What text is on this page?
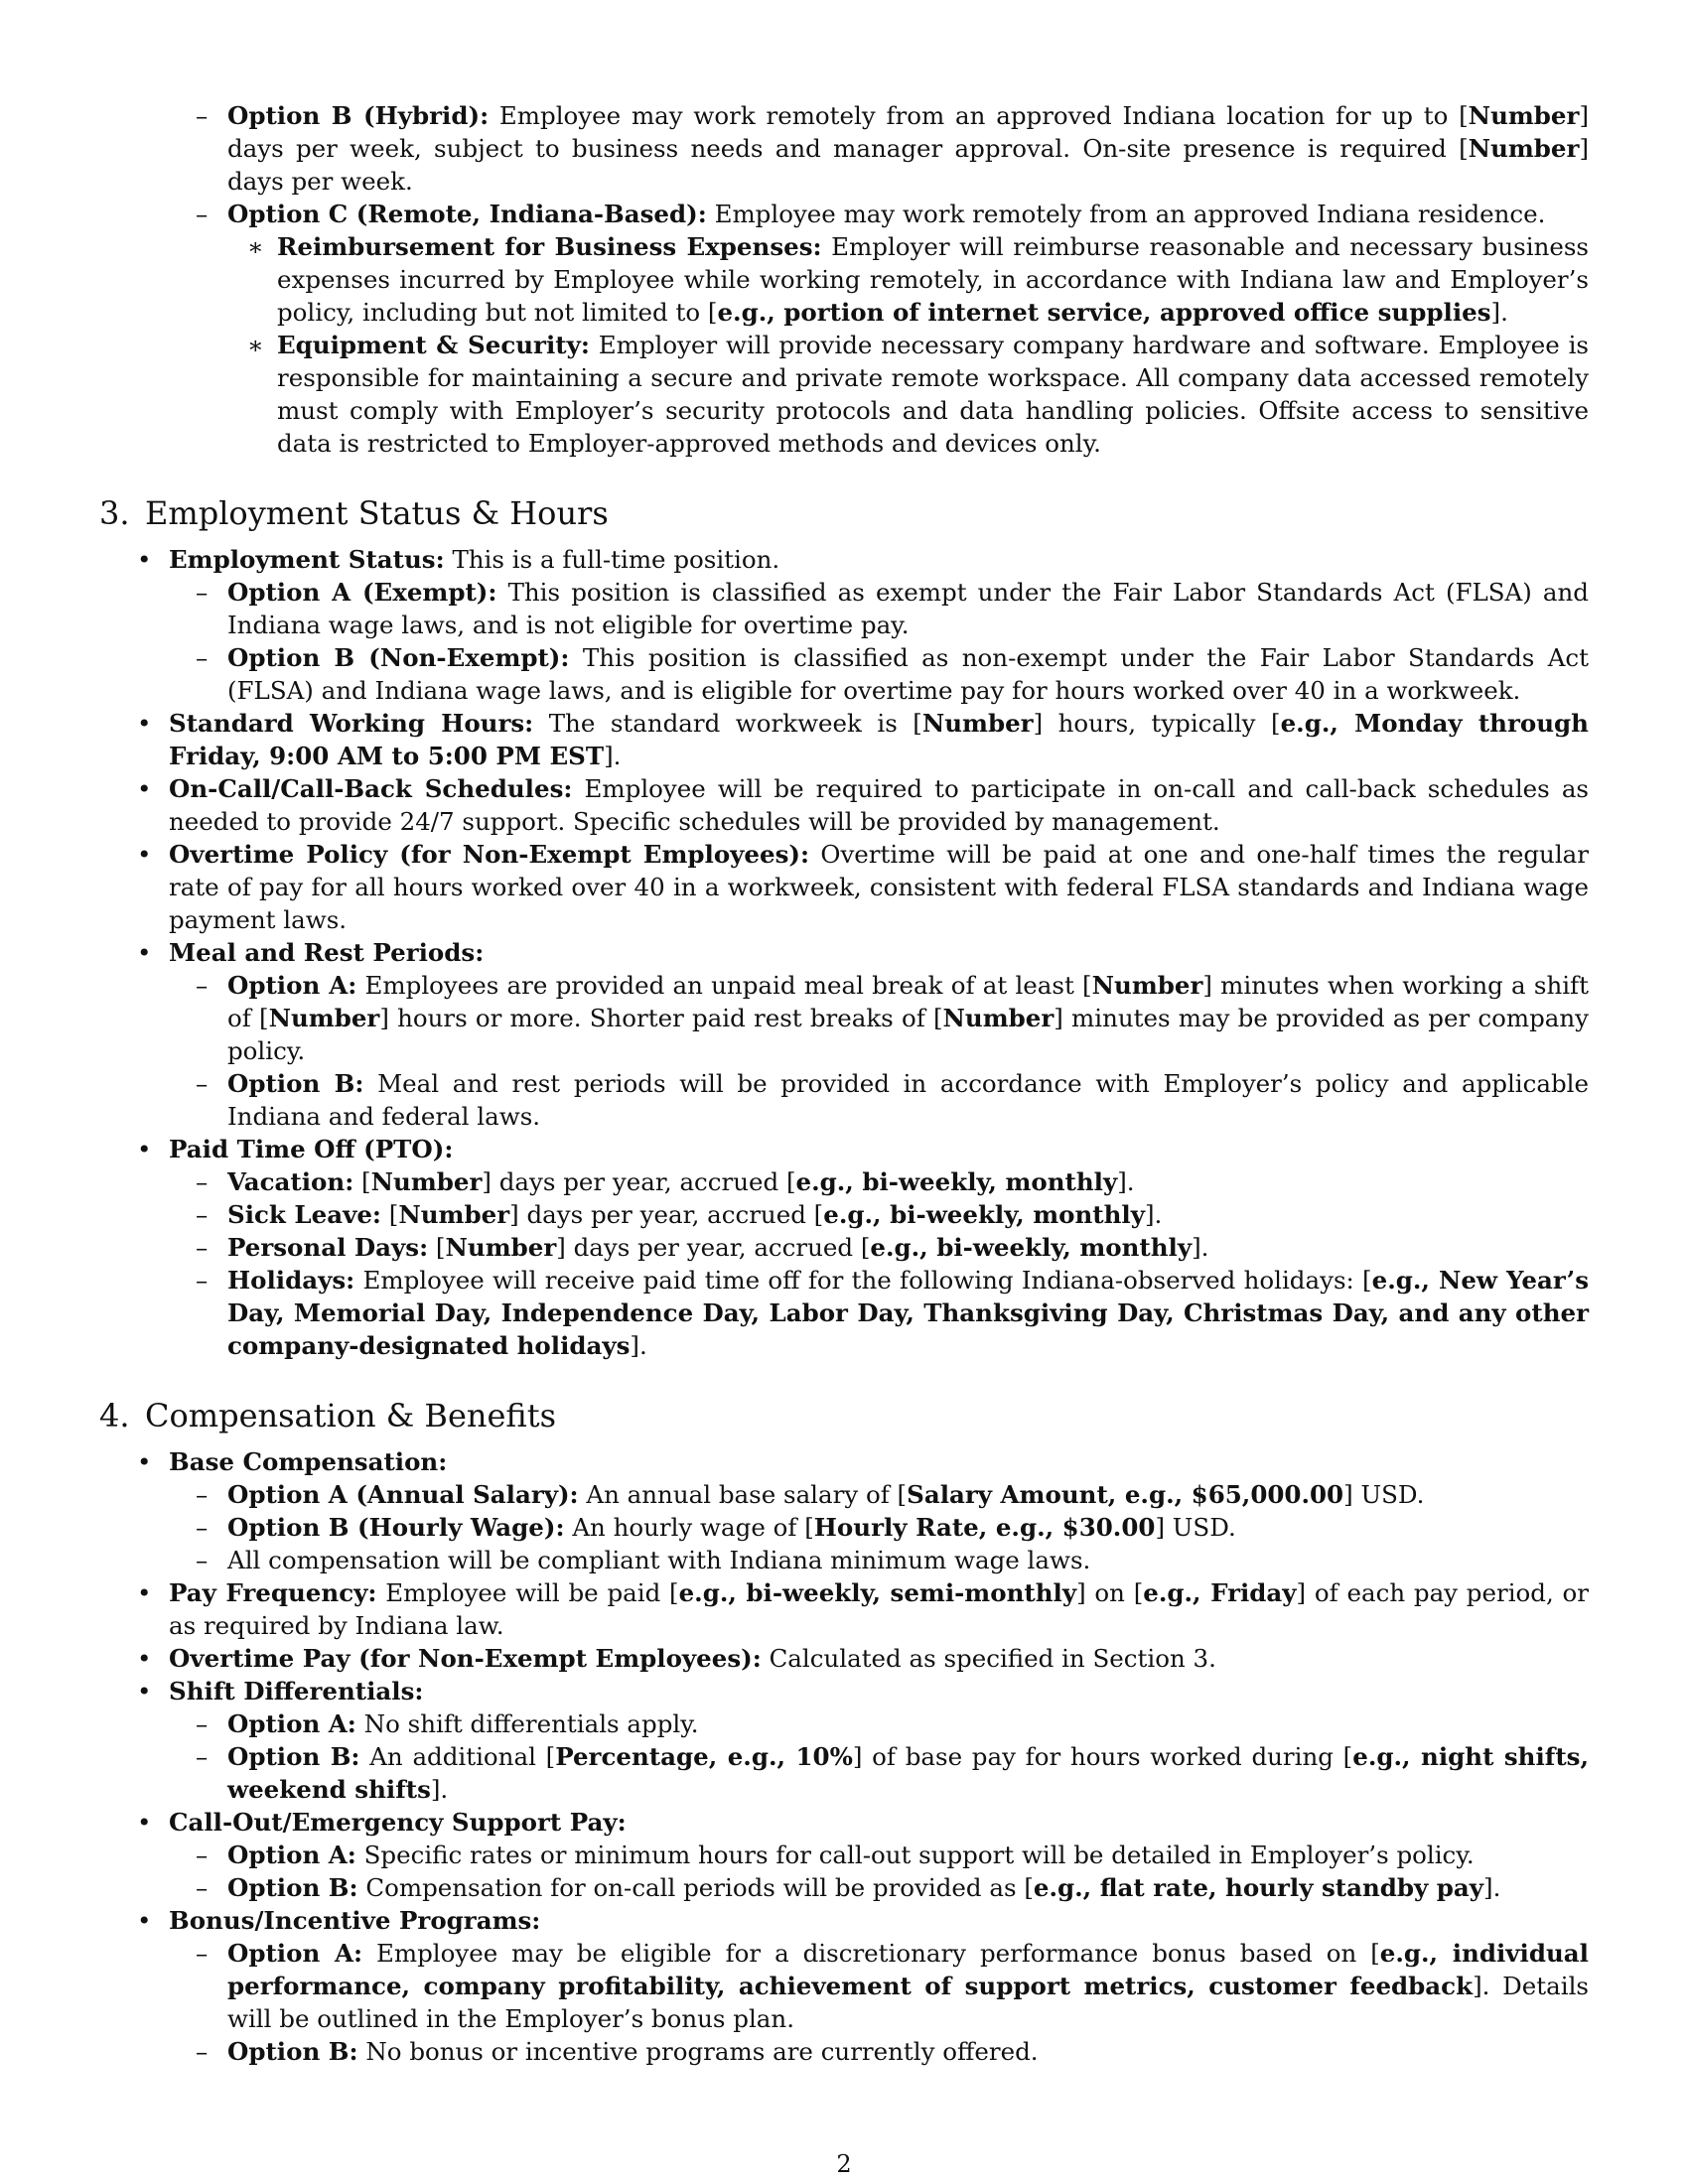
– Option B (Hybrid): Employee may work remotely from an approved Indiana location for up to [Number] days per week, subject to business needs and manager approval. On-site presence is required [Number] days per week.
– Option C (Remote, Indiana-Based): Employee may work remotely from an approved Indiana residence.
∗ Reimbursement for Business Expenses: Employer will reimburse reasonable and necessary business expenses incurred by Employee while working remotely, in accordance with Indiana law and Employer’s policy, including but not limited to [e.g., portion of internet service, approved office supplies].
∗ Equipment & Security: Employer will provide necessary company hardware and software. Employee is responsible for maintaining a secure and private remote workspace. All company data accessed remotely must comply with Employer’s security protocols and data handling policies. Offsite access to sensitive data is restricted to Employer-approved methods and devices only.
3. Employment Status & Hours
• Employment Status: This is a full-time position.
– Option A (Exempt): This position is classified as exempt under the Fair Labor Standards Act (FLSA) and Indiana wage laws, and is not eligible for overtime pay.
– Option B (Non-Exempt): This position is classified as non-exempt under the Fair Labor Standards Act (FLSA) and Indiana wage laws, and is eligible for overtime pay for hours worked over 40 in a workweek.
• Standard Working Hours: The standard workweek is [Number] hours, typically [e.g., Monday through Friday, 9:00 AM to 5:00 PM EST].
• On-Call/Call-Back Schedules: Employee will be required to participate in on-call and call-back schedules as needed to provide 24/7 support. Specific schedules will be provided by management.
• Overtime Policy (for Non-Exempt Employees): Overtime will be paid at one and one-half times the regular rate of pay for all hours worked over 40 in a workweek, consistent with federal FLSA standards and Indiana wage payment laws.
• Meal and Rest Periods:
– Option A: Employees are provided an unpaid meal break of at least [Number] minutes when working a shift of [Number] hours or more. Shorter paid rest breaks of [Number] minutes may be provided as per company policy.
– Option B: Meal and rest periods will be provided in accordance with Employer’s policy and applicable Indiana and federal laws.
• Paid Time Off (PTO):
– Vacation: [Number] days per year, accrued [e.g., bi-weekly, monthly].
– Sick Leave: [Number] days per year, accrued [e.g., bi-weekly, monthly].
– Personal Days: [Number] days per year, accrued [e.g., bi-weekly, monthly].
– Holidays: Employee will receive paid time off for the following Indiana-observed holidays: [e.g., New Year’s Day, Memorial Day, Independence Day, Labor Day, Thanksgiving Day, Christmas Day, and any other company-designated holidays].
4. Compensation & Benefits
• Base Compensation:
– Option A (Annual Salary): An annual base salary of [Salary Amount, e.g., $65,000.00] USD.
– Option B (Hourly Wage): An hourly wage of [Hourly Rate, e.g., $30.00] USD.
– All compensation will be compliant with Indiana minimum wage laws.
• Pay Frequency: Employee will be paid [e.g., bi-weekly, semi-monthly] on [e.g., Friday] of each pay period, or as required by Indiana law.
• Overtime Pay (for Non-Exempt Employees): Calculated as specified in Section 3.
• Shift Differentials:
– Option A: No shift differentials apply.
– Option B: An additional [Percentage, e.g., 10%] of base pay for hours worked during [e.g., night shifts, weekend shifts].
• Call-Out/Emergency Support Pay:
– Option A: Specific rates or minimum hours for call-out support will be detailed in Employer’s policy.
– Option B: Compensation for on-call periods will be provided as [e.g., flat rate, hourly standby pay].
• Bonus/Incentive Programs:
– Option A: Employee may be eligible for a discretionary performance bonus based on [e.g., individual performance, company profitability, achievement of support metrics, customer feedback]. Details will be outlined in the Employer’s bonus plan.
– Option B: No bonus or incentive programs are currently offered.
2
